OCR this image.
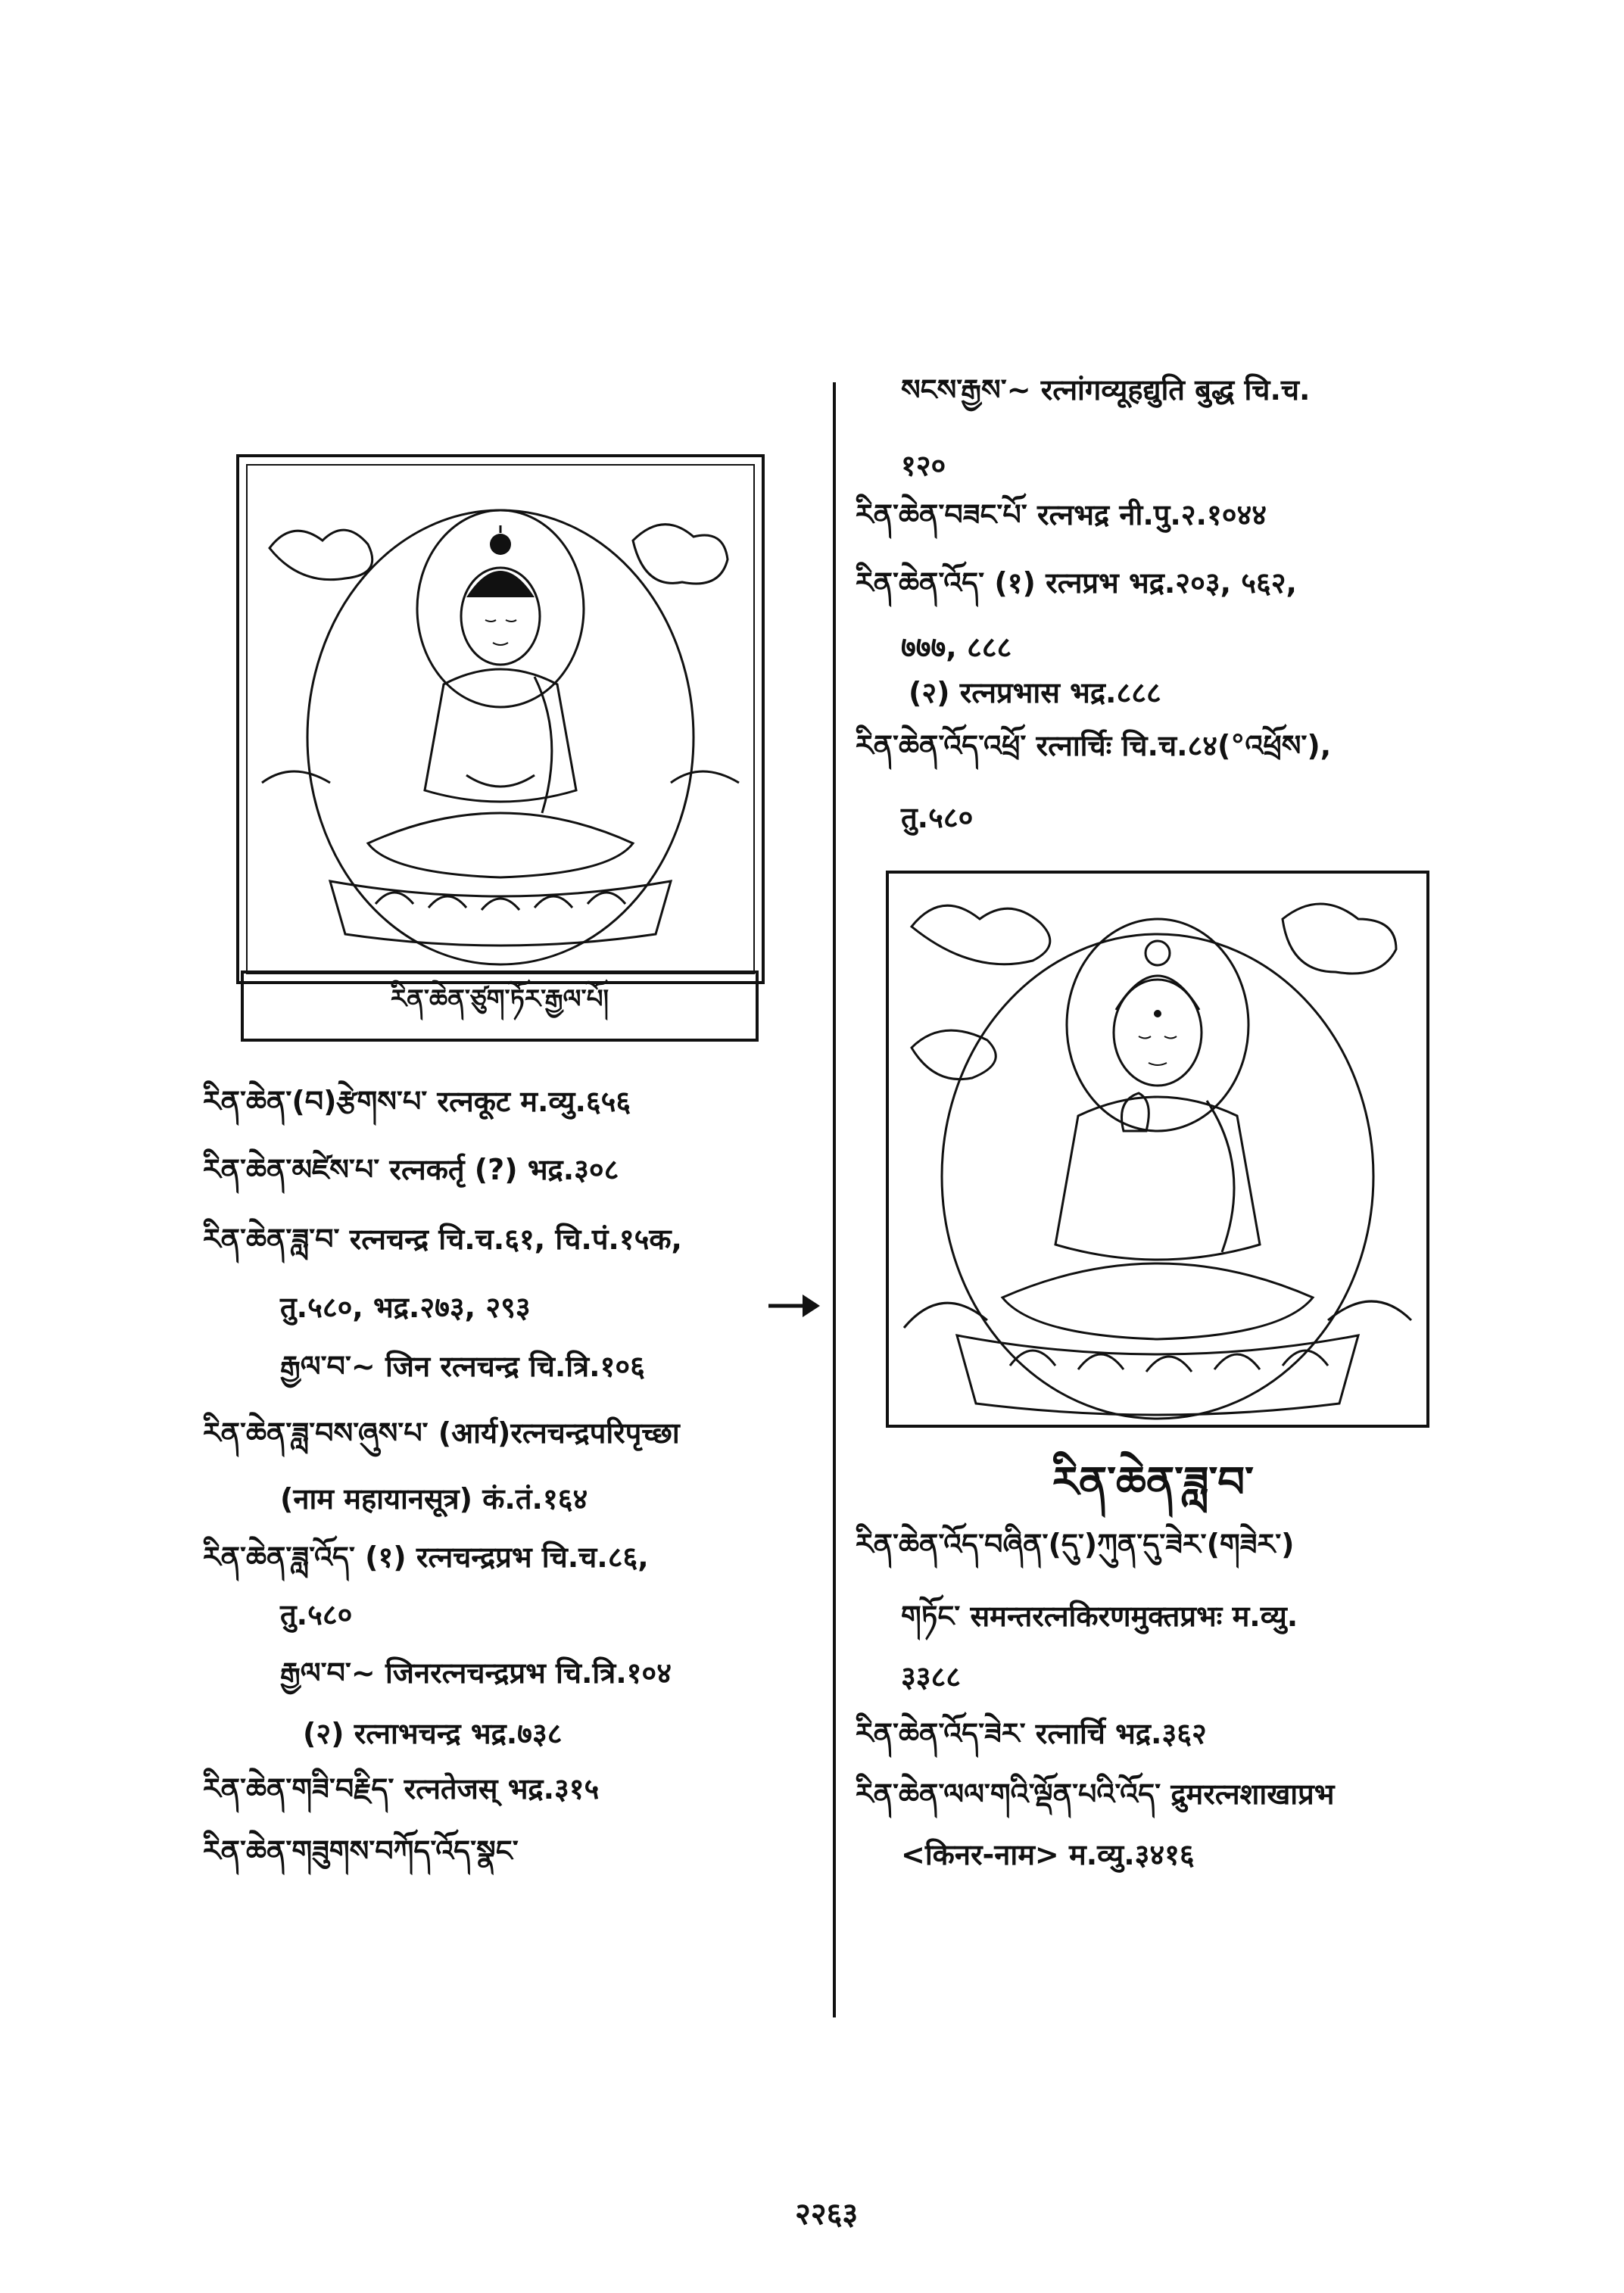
རིན་ཆེན་ཙུག་ཏོར་རྒྱལ་པོ།
རིན་ཆེན་(བ)རྩེགས་པ་ रत्नकूट म.व्यु.६५६
རིན་ཆེན་མཛེས་པ་ रत्नकर्तृ (?) भद्र.३०८
རིན་ཆེན་ཟླ་བ་ रत्नचन्द्र चि.च.६१, चि.पं.१५क,
तु.५८०, भद्र.२७३, २९३
རྒྱལ་བ་~ जिन रत्नचन्द्र चि.त्रि.१०६
རིན་ཆེན་ཟླ་བས་ཞུས་པ་ (आर्य)रत्नचन्द्रपरिपृच्छा
(नाम महायानसूत्र) कं.तं.१६४
རིན་ཆེན་ཟླ་འོད་ (१) रत्नचन्द्रप्रभ चि.च.८६,
तु.५८०
རྒྱལ་བ་~ जिनरत्नचन्द्रप्रभ चि.त्रि.१०४
(२) रत्नाभचन्द्र भद्र.७३८
རིན་ཆེན་གཟི་བརྗིད་ रत्नतेजस् भद्र.३१५
རིན་ཆེན་གཟུགས་བཀོད་འོད་སྣང་
སངས་རྒྱས་~ रत्नांगव्यूहद्युति बुद्ध चि.च.
१२०
རིན་ཆེན་བཟང་པོ་ रत्नभद्र नी.पु.२.१०४४
རིན་ཆེན་འོད་ (१) रत्नप्रभ भद्र.२०३, ५६२,
७७७, ८८८
(२) रत्नप्रभास भद्र.८८८
རིན་ཆེན་འོད་འཕྲོ་ रत्नार्चिः चि.च.८४(°འཕྲོས་),
तु.५८०
རིན་ཆེན་ཟླ་བ་
རིན་ཆེན་འོད་བཞིན་(དུ་)ཀུན་དུ་ཟེར་(གཟེར་)
གཏོང་ समन्तरत्नकिरणमुक्तप्रभः म.व्यु.
३३८८
རིན་ཆེན་འོད་ཟེར་ रत्नार्चि भद्र.३६२
རིན་ཆེན་ལལ་གའི་ལྡོན་པའི་འོད་ द्रुमरत्नशाखाप्रभ
<किनर-नाम> म.व्यु.३४१६
२२६३
